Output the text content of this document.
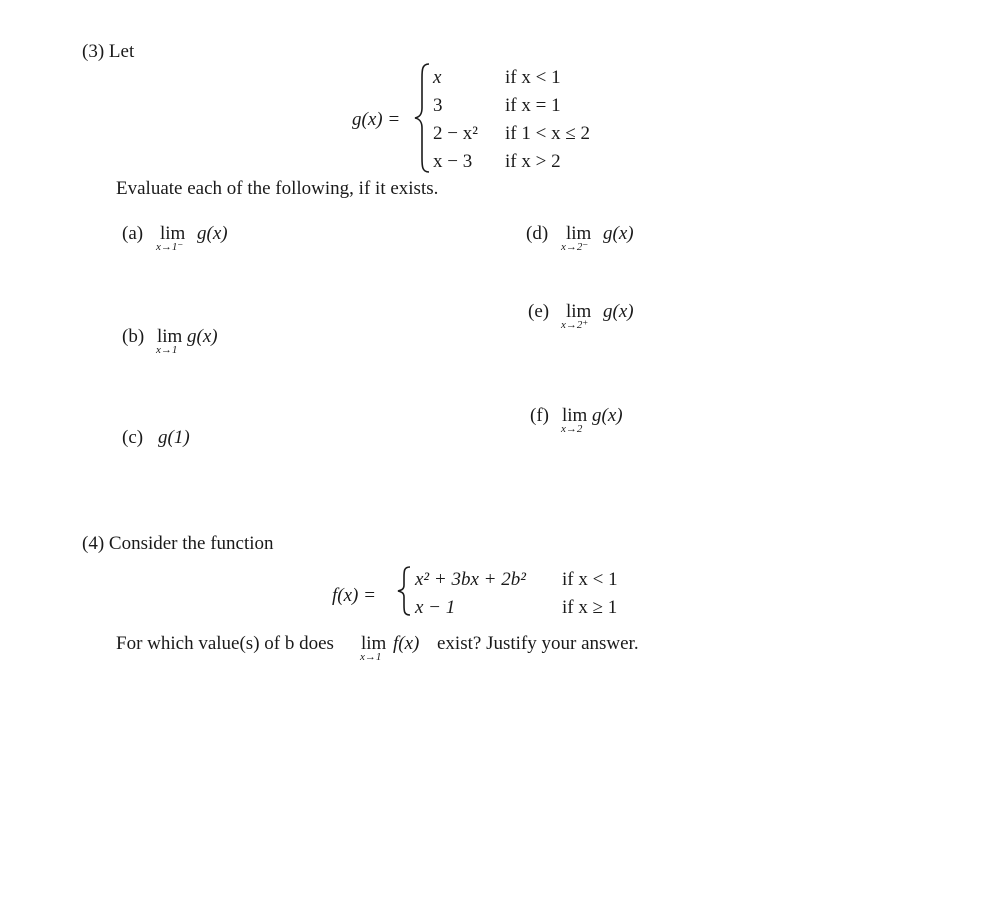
(3) Let
g(x) =
x	if x < 1
3	if x = 1
2 − x² if 1 < x ≤ 2
x − 3 if x > 2
Evaluate each of the following, if it exists.
(a) lim
x→1⁻
g(x)
(b) lim
x→1
g(x)
(c) g(1)
(d) lim
x→2⁻
g(x)
(e) lim
x→2⁺
g(x)
(f) lim
x→2
g(x)
(4) Consider the function
f(x) =
x² + 3bx + 2b² if x < 1
x − 1	if x ≥ 1
For which value(s) of b does lim
x→1
f(x) exist? Justify your answer.
